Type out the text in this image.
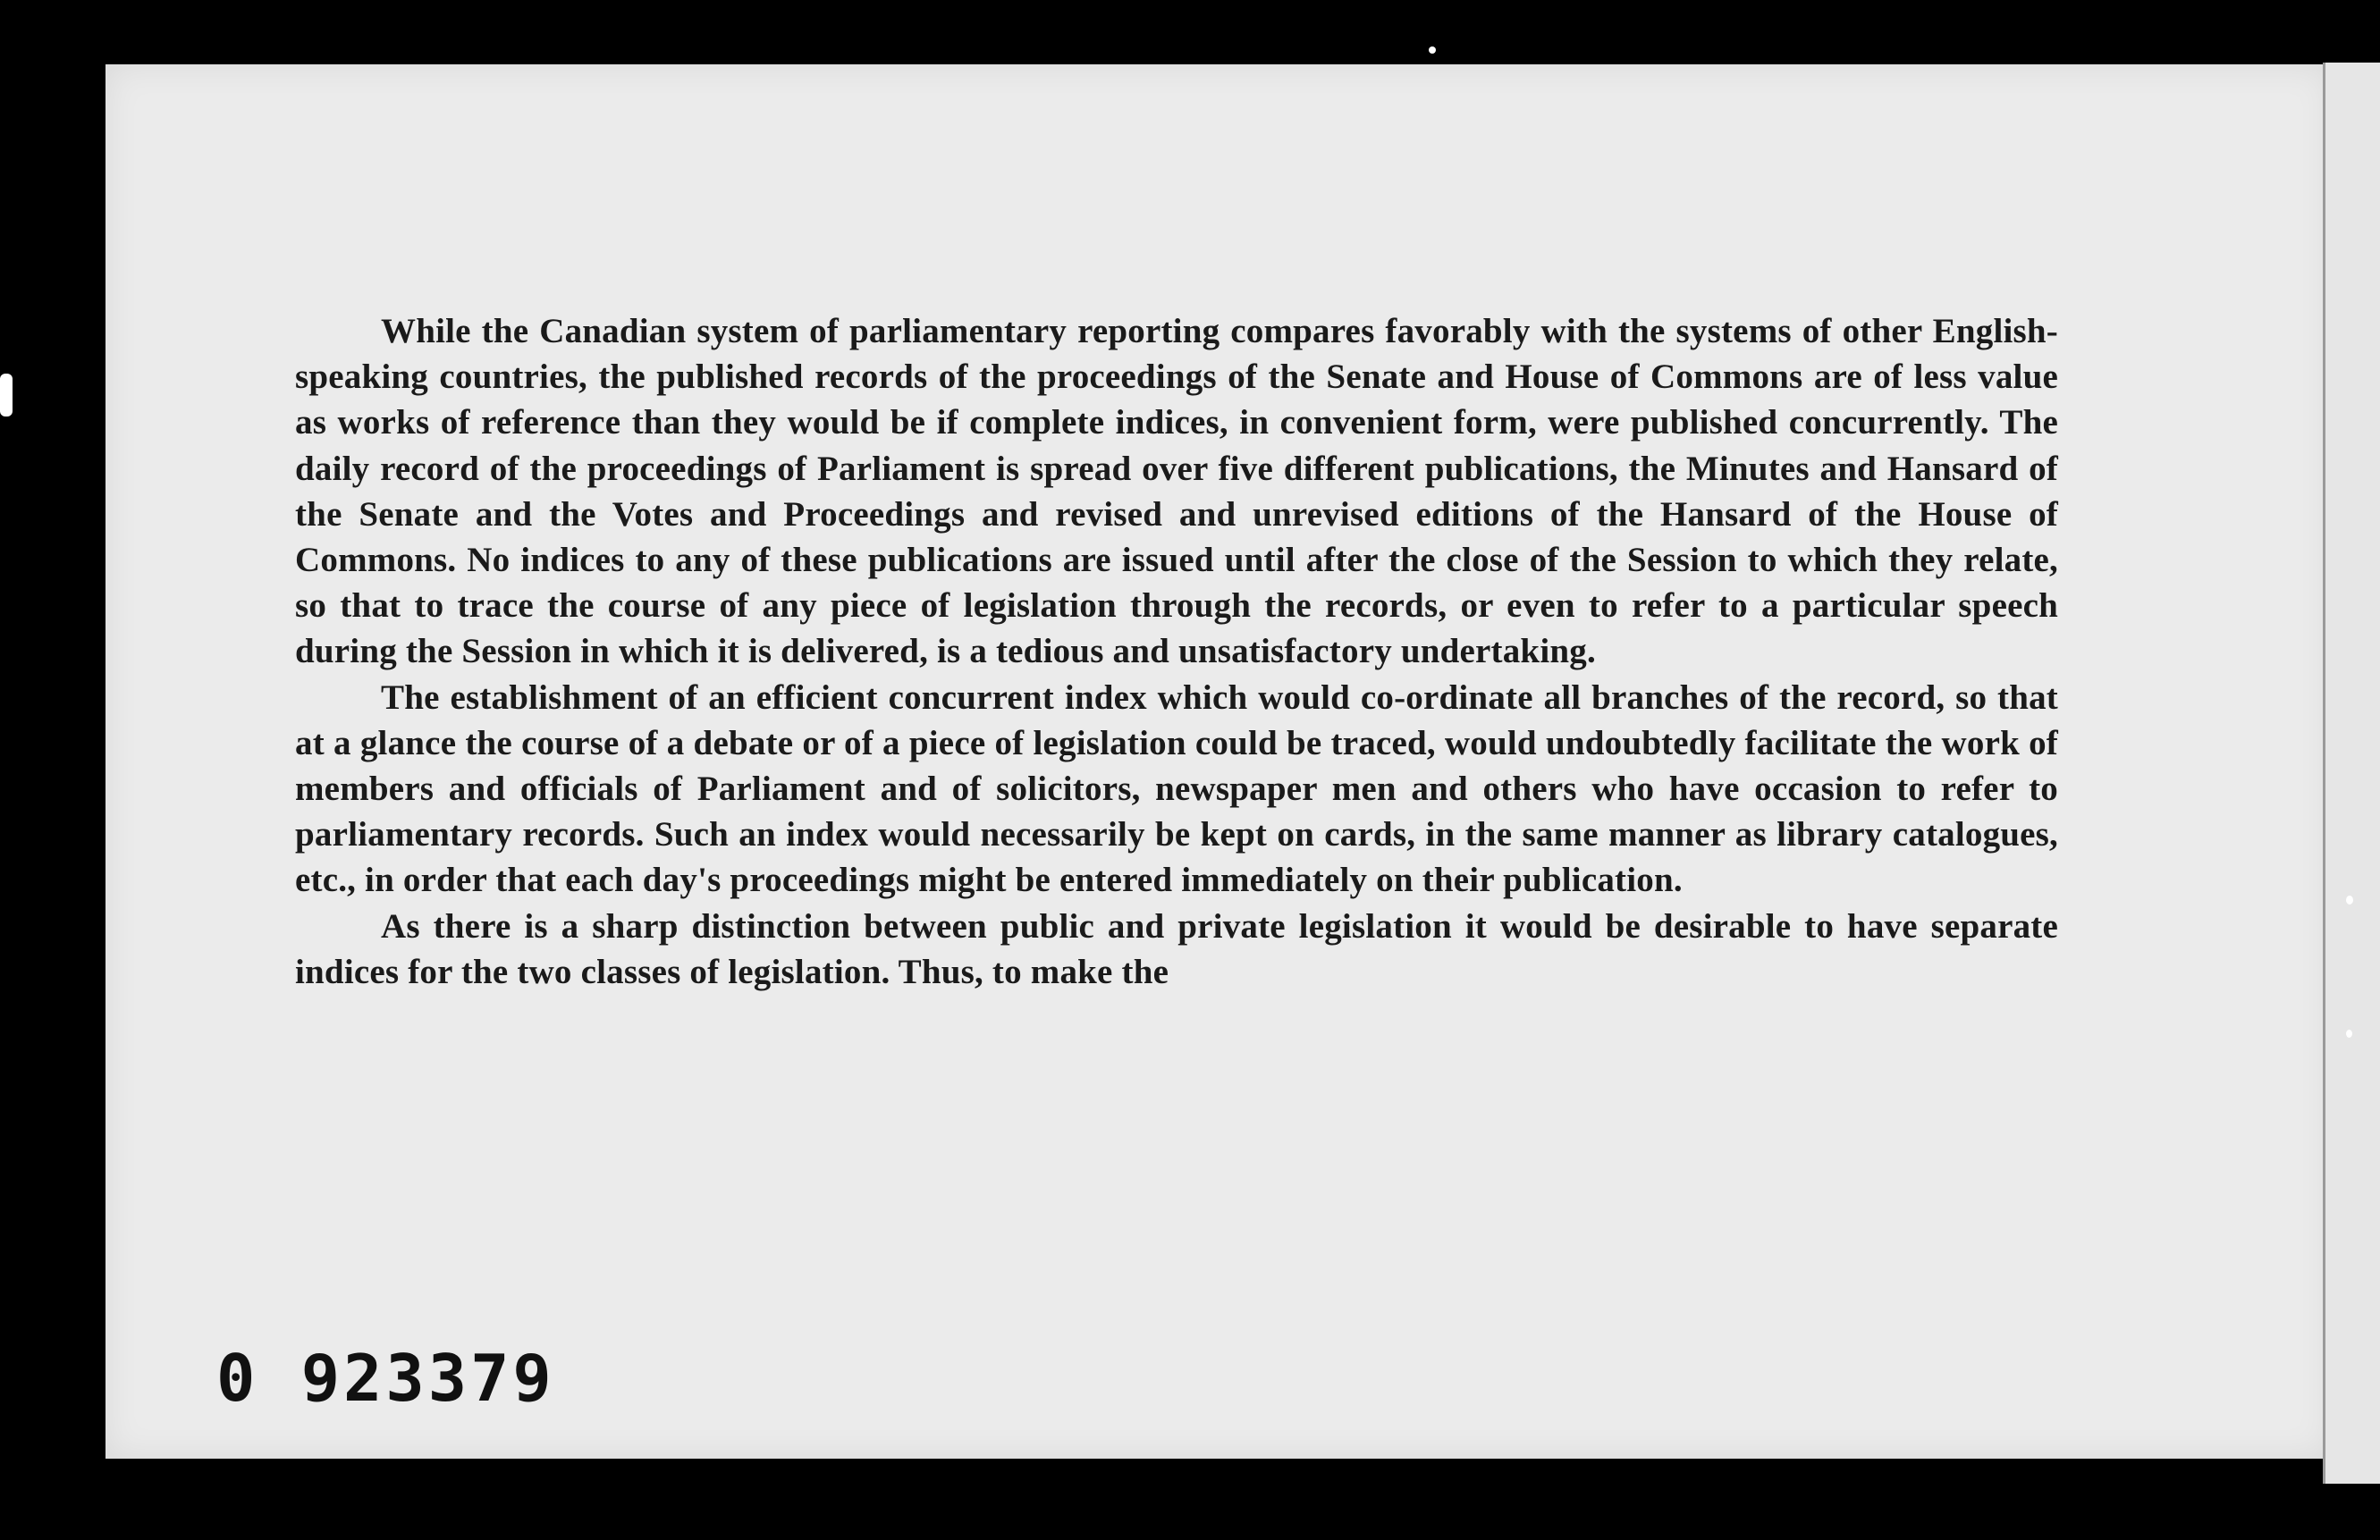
While the Canadian system of parliamentary reporting compares favorably with the systems of other English-speaking countries, the published records of the proceedings of the Senate and House of Commons are of less value as works of reference than they would be if complete indices, in convenient form, were published concurrently. The daily record of the proceedings of Parliament is spread over five different publications, the Minutes and Hansard of the Senate and the Votes and Proceedings and revised and unrevised editions of the Hansard of the House of Commons. No indices to any of these publications are issued until after the close of the Session to which they relate, so that to trace the course of any piece of legislation through the records, or even to refer to a particular speech during the Session in which it is delivered, is a tedious and unsatisfactory undertaking.

The establishment of an efficient concurrent index which would co-ordinate all branches of the record, so that at a glance the course of a debate or of a piece of legislation could be traced, would undoubtedly facilitate the work of members and officials of Parliament and of solicitors, newspaper men and others who have occasion to refer to parliamentary records. Such an index would necessarily be kept on cards, in the same manner as library catalogues, etc., in order that each day's proceedings might be entered immediately on their publication.

As there is a sharp distinction between public and private legislation it would be desirable to have separate indices for the two classes of legislation. Thus, to make the

0 923379
